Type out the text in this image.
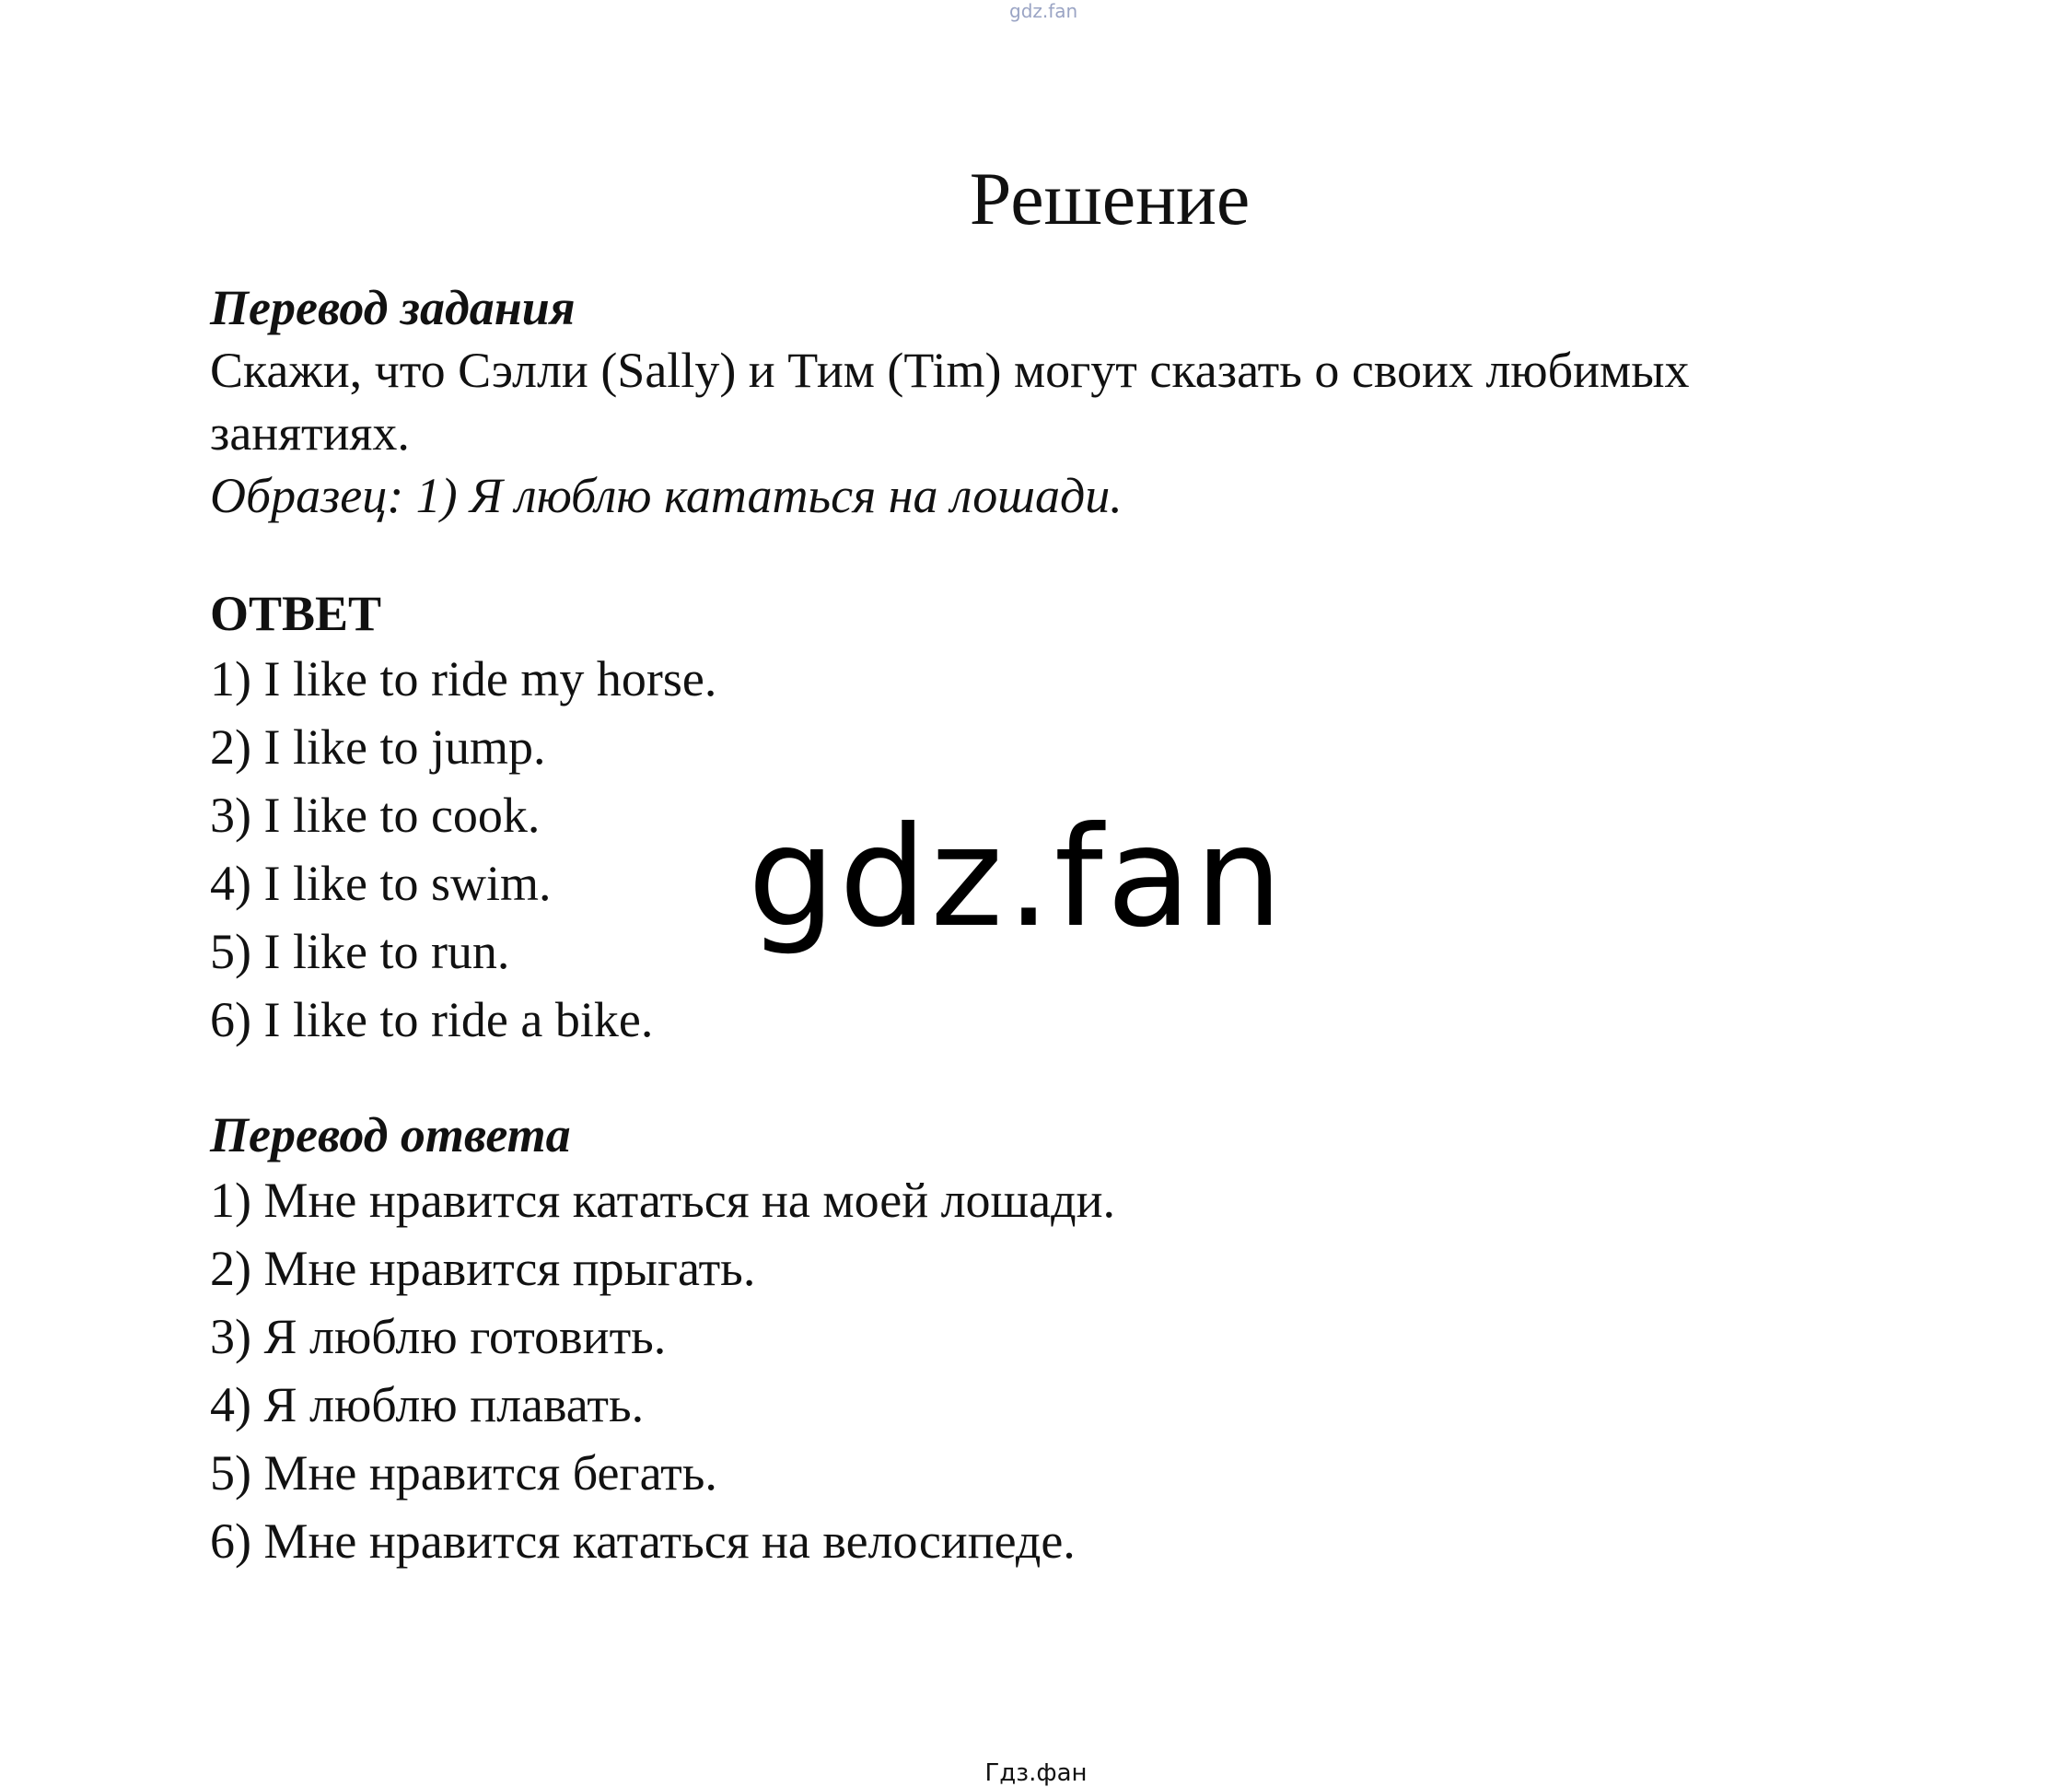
gdz.fan
Решение

Перевод задания

Скажи, что Сэлли (Sally) и Тим (Tim) могут сказать о своих любимых занятиях.

Образец: 1) Я люблю кататься на лошади.

ОТВЕТ

1) I like to ride my horse.
2) I like to jump.
3) I like to cook.
4) I like to swim.
5) I like to run.
6) I like to ride a bike.

Перевод ответа

1) Мне нравится кататься на моей лошади.
2) Мне нравится прыгать.
3) Я люблю готовить.
4) Я люблю плавать.
5) Мне нравится бегать.
6) Мне нравится кататься на велосипеде.
gdz.fan
Гдз.фан
